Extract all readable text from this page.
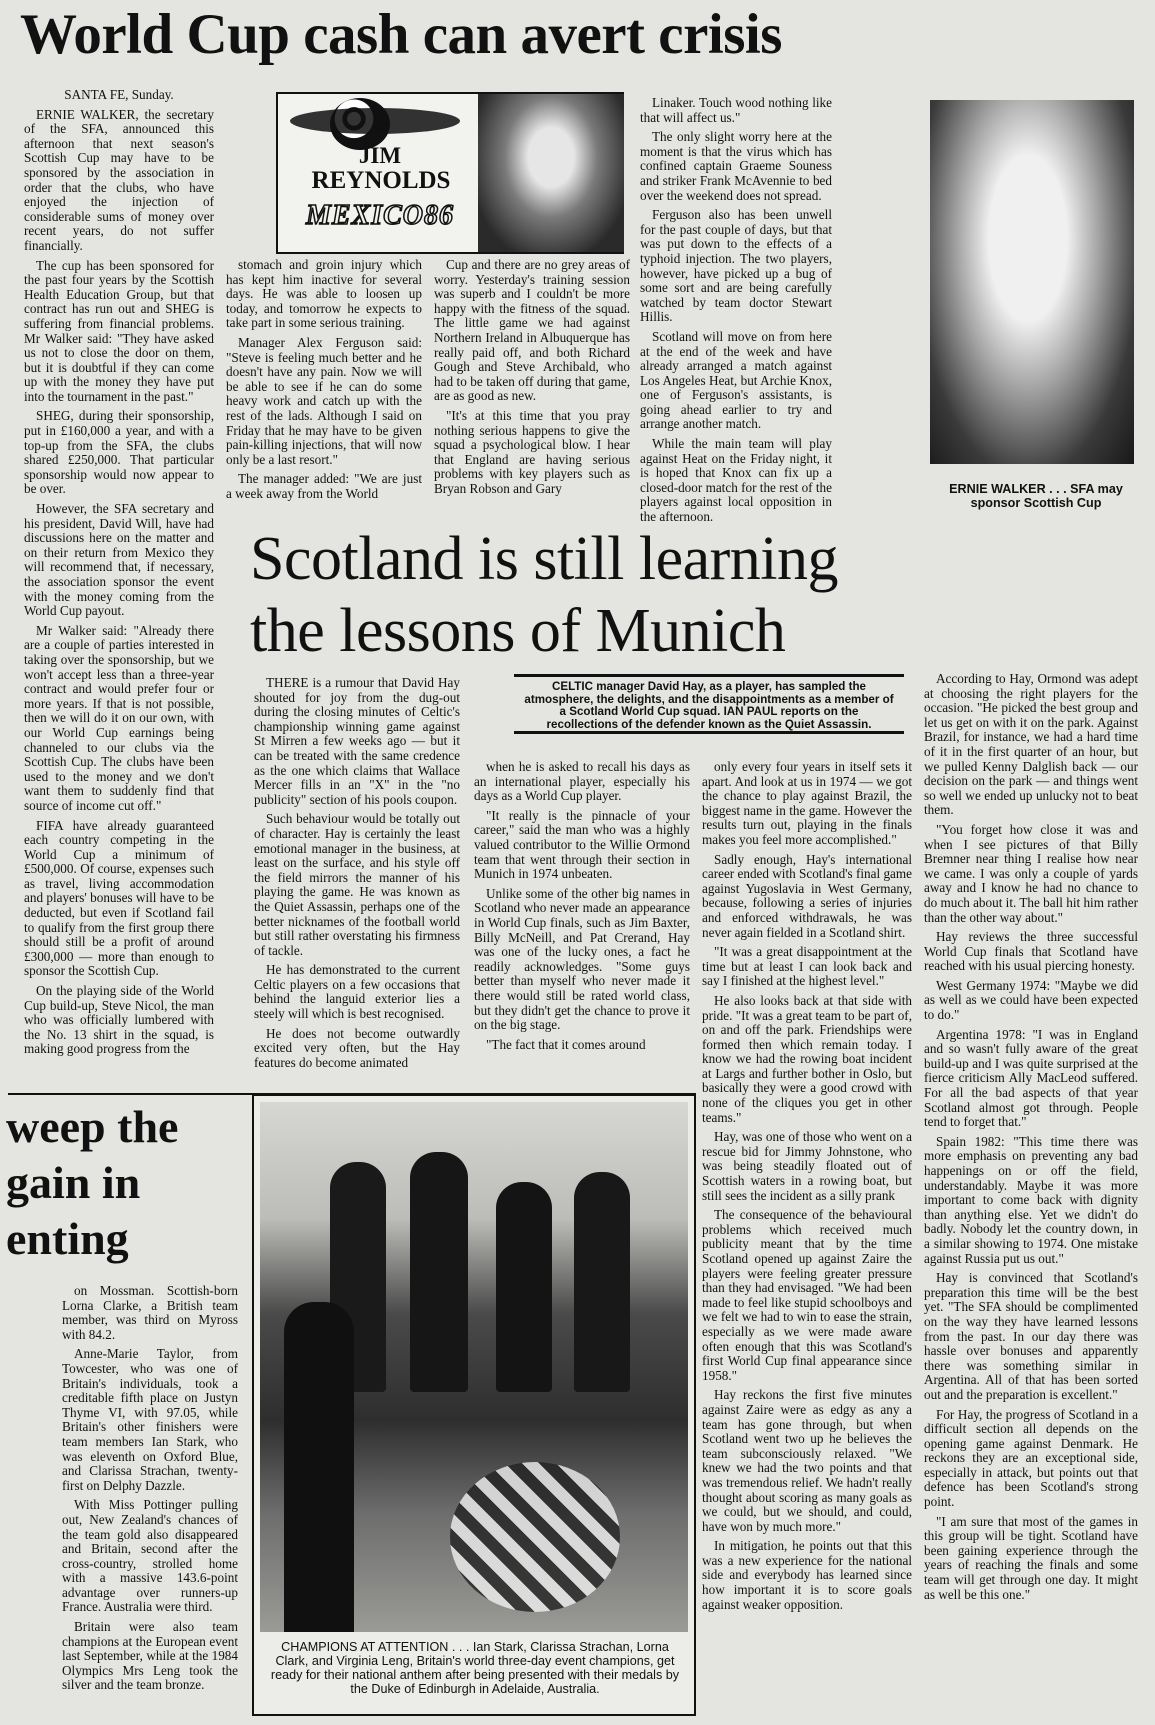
World Cup cash can avert crisis

SANTA FE, Sunday.

ERNIE WALKER, the secretary of the SFA, announced this afternoon that next season's Scottish Cup may have to be sponsored by the association in order that the clubs, who have enjoyed the injection of considerable sums of money over recent years, do not suffer financially.

The cup has been sponsored for the past four years by the Scottish Health Education Group, but that contract has run out and SHEG is suffering from financial problems. Mr Walker said: "They have asked us not to close the door on them, but it is doubtful if they can come up with the money they have put into the tournament in the past."

SHEG, during their sponsorship, put in £160,000 a year, and with a top-up from the SFA, the clubs shared £250,000. That particular sponsorship would now appear to be over.

However, the SFA secretary and his president, David Will, have had discussions here on the matter and on their return from Mexico they will recommend that, if necessary, the association sponsor the event with the money coming from the World Cup payout.

Mr Walker said: "Already there are a couple of parties interested in taking over the sponsorship, but we won't accept less than a three-year contract and would prefer four or more years. If that is not possible, then we will do it on our own, with our World Cup earnings being channeled to our clubs via the Scottish Cup. The clubs have been used to the money and we don't want them to suddenly find that source of income cut off."

FIFA have already guaranteed each country competing in the World Cup a minimum of £500,000. Of course, expenses such as travel, living accommodation and players' bonuses will have to be deducted, but even if Scotland fail to qualify from the first group there should still be a profit of around £300,000 — more than enough to sponsor the Scottish Cup.

On the playing side of the World Cup build-up, Steve Nicol, the man who was officially lumbered with the No. 13 shirt in the squad, is making good progress from the

JIM
REYNOLDS
MEXICO86

stomach and groin injury which has kept him inactive for several days. He was able to loosen up today, and tomorrow he expects to take part in some serious training.

Manager Alex Ferguson said: "Steve is feeling much better and he doesn't have any pain. Now we will be able to see if he can do some heavy work and catch up with the rest of the lads. Although I said on Friday that he may have to be given pain-killing injections, that will now only be a last resort."

The manager added: "We are just a week away from the World

Cup and there are no grey areas of worry. Yesterday's training session was superb and I couldn't be more happy with the fitness of the squad. The little game we had against Northern Ireland in Albuquerque has really paid off, and both Richard Gough and Steve Archibald, who had to be taken off during that game, are as good as new.

"It's at this time that you pray nothing serious happens to give the squad a psychological blow. I hear that England are having serious problems with key players such as Bryan Robson and Gary

Linaker. Touch wood nothing like that will affect us."

The only slight worry here at the moment is that the virus which has confined captain Graeme Souness and striker Frank McAvennie to bed over the weekend does not spread.

Ferguson also has been unwell for the past couple of days, but that was put down to the effects of a typhoid injection. The two players, however, have picked up a bug of some sort and are being carefully watched by team doctor Stewart Hillis.

Scotland will move on from here at the end of the week and have already arranged a match against Los Angeles Heat, but Archie Knox, one of Ferguson's assistants, is going ahead earlier to try and arrange another match.

While the main team will play against Heat on the Friday night, it is hoped that Knox can fix up a closed-door match for the rest of the players against local opposition in the afternoon.

ERNIE WALKER . . . SFA may sponsor Scottish Cup
Scotland is still learning
the lessons of Munich
CELTIC manager David Hay, as a player, has sampled the atmosphere, the delights, and the disappointments as a member of a Scotland World Cup squad. IAN PAUL reports on the recollections of the defender known as the Quiet Assassin.

THERE is a rumour that David Hay shouted for joy from the dug-out during the closing minutes of Celtic's championship winning game against St Mirren a few weeks ago — but it can be treated with the same credence as the one which claims that Wallace Mercer fills in an "X" in the "no publicity" section of his pools coupon.

Such behaviour would be totally out of character. Hay is certainly the least emotional manager in the business, at least on the surface, and his style off the field mirrors the manner of his playing the game. He was known as the Quiet Assassin, perhaps one of the better nicknames of the football world but still rather overstating his firmness of tackle.

He has demonstrated to the current Celtic players on a few occasions that behind the languid exterior lies a steely will which is best recognised.

He does not become outwardly excited very often, but the Hay features do become animated

when he is asked to recall his days as an international player, especially his days as a World Cup player.

"It really is the pinnacle of your career," said the man who was a highly valued contributor to the Willie Ormond team that went through their section in Munich in 1974 unbeaten.

Unlike some of the other big names in Scotland who never made an appearance in World Cup finals, such as Jim Baxter, Billy McNeill, and Pat Crerand, Hay was one of the lucky ones, a fact he readily acknowledges. "Some guys better than myself who never made it there would still be rated world class, but they didn't get the chance to prove it on the big stage.

"The fact that it comes around

only every four years in itself sets it apart. And look at us in 1974 — we got the chance to play against Brazil, the biggest name in the game. However the results turn out, playing in the finals makes you feel more accomplished."

Sadly enough, Hay's international career ended with Scotland's final game against Yugoslavia in West Germany, because, following a series of injuries and enforced withdrawals, he was never again fielded in a Scotland shirt.

"It was a great disappointment at the time but at least I can look back and say I finished at the highest level."

He also looks back at that side with pride. "It was a great team to be part of, on and off the park. Friendships were formed then which remain today. I know we had the rowing boat incident at Largs and further bother in Oslo, but basically they were a good crowd with none of the cliques you get in other teams."

Hay, was one of those who went on a rescue bid for Jimmy Johnstone, who was being steadily floated out of Scottish waters in a rowing boat, but still sees the incident as a silly prank

The consequence of the behavioural problems which received much publicity meant that by the time Scotland opened up against Zaire the players were feeling greater pressure than they had envisaged. "We had been made to feel like stupid schoolboys and we felt we had to win to ease the strain, especially as we were made aware often enough that this was Scotland's first World Cup final appearance since 1958."

Hay reckons the first five minutes against Zaire were as edgy as any a team has gone through, but when Scotland went two up he believes the team subconsciously relaxed. "We knew we had the two points and that was tremendous relief. We hadn't really thought about scoring as many goals as we could, but we should, and could, have won by much more."

In mitigation, he points out that this was a new experience for the national side and everybody has learned since how important it is to score goals against weaker opposition.

According to Hay, Ormond was adept at choosing the right players for the occasion. "He picked the best group and let us get on with it on the park. Against Brazil, for instance, we had a hard time of it in the first quarter of an hour, but we pulled Kenny Dalglish back — our decision on the park — and things went so well we ended up unlucky not to beat them.

"You forget how close it was and when I see pictures of that Billy Bremner near thing I realise how near we came. I was only a couple of yards away and I know he had no chance to do much about it. The ball hit him rather than the other way about."

Hay reviews the three successful World Cup finals that Scotland have reached with his usual piercing honesty.

West Germany 1974: "Maybe we did as well as we could have been expected to do."

Argentina 1978: "I was in England and so wasn't fully aware of the great build-up and I was quite surprised at the fierce criticism Ally MacLeod suffered. For all the bad aspects of that year Scotland almost got through. People tend to forget that."

Spain 1982: "This time there was more emphasis on preventing any bad happenings on or off the field, understandably. Maybe it was more important to come back with dignity than anything else. Yet we didn't do badly. Nobody let the country down, in a similar showing to 1974. One mistake against Russia put us out."

Hay is convinced that Scotland's preparation this time will be the best yet. "The SFA should be complimented on the way they have learned lessons from the past. In our day there was hassle over bonuses and apparently there was something similar in Argentina. All of that has been sorted out and the preparation is excellent."

For Hay, the progress of Scotland in a difficult section all depends on the opening game against Denmark. He reckons they are an exceptional side, especially in attack, but points out that defence has been Scotland's strong point.

"I am sure that most of the games in this group will be tight. Scotland have been gaining experience through the years of reaching the finals and some team will get through one day. It might as well be this one."

weep the
gain in
enting

on Mossman. Scottish-born Lorna Clarke, a British team member, was third on Myross with 84.2.

Anne-Marie Taylor, from Towcester, who was one of Britain's individuals, took a creditable fifth place on Justyn Thyme VI, with 97.05, while Britain's other finishers were team members Ian Stark, who was eleventh on Oxford Blue, and Clarissa Strachan, twenty-first on Delphy Dazzle.

With Miss Pottinger pulling out, New Zealand's chances of the team gold also disappeared and Britain, second after the cross-country, strolled home with a massive 143.6-point advantage over runners-up France. Australia were third.

Britain were also team champions at the European event last September, while at the 1984 Olympics Mrs Leng took the silver and the team bronze.

CHAMPIONS AT ATTENTION . . . Ian Stark, Clarissa Strachan, Lorna Clark, and Virginia Leng, Britain's world three-day event champions, get ready for their national anthem after being presented with their medals by the Duke of Edinburgh in Adelaide, Australia.
